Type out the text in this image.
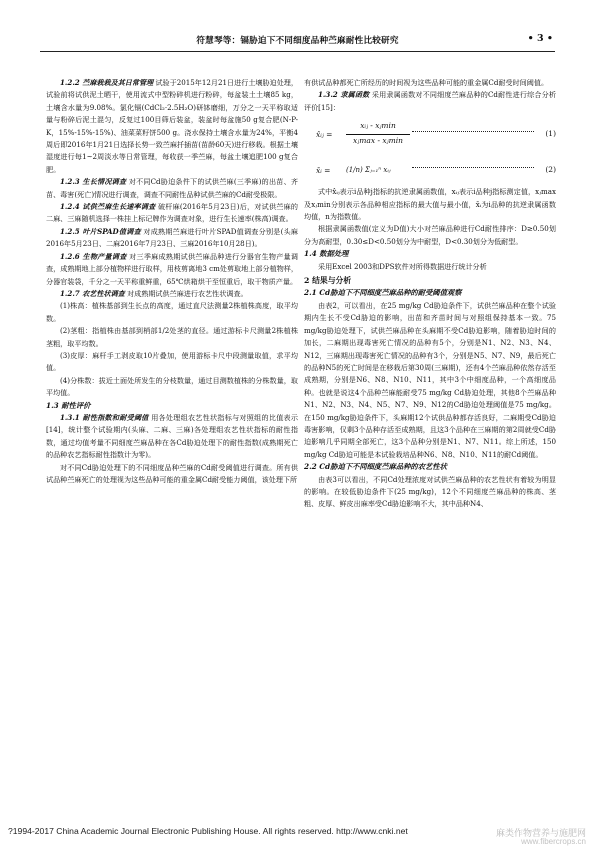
符慧琴等：镉胁迫下不同细度品种苎麻耐性比较研究	• 3 •

1.2.2 苎麻栽栽及其日常管理 试验于2015年12月21日进行土壤胁迫处理，试验前将试供泥土晒干，使用流式中型粉碎机进行粉碎，每盆装土土壤85 kg，土壤含水量为9.08%。氯化镉(CdCl₂·2.5H₂O)研钵磨细，万分之一天平称取适量与粉碎后泥土混匀，反复过100目筛后装盆，装盆时每盆施50 g复合肥(N-P-K，15%-15%-15%)、油菜菜籽饼500 g。浇水保持土壤含水量为24%，平衡4周后即2016年1月21日选择长势一致苎麻扦插苗(苗龄60天)进行移栽。根据土壤湿度进行每1~2周淡水等日常管理，每收获一季苎麻，每盆土壤追肥100 g复合肥。

1.2.3 生长情况调查 对不同Cd胁迫条件下的试供苎麻(三季麻)的出苗、齐苗、毒害(死亡)情况进行调查，调查不同耐性品种试供苎麻的Cd耐受极限。

1.2.4 试供苎麻生长速率调查 破杆麻(2016年5月23日)后，对试供苎麻的二麻、三麻随机选择一株挂上标记牌作为调查对象，进行生长速率(株高)调查。

1.2.5 叶片SPAD值调查 对成熟期苎麻进行叶片SPAD值调查分别是(头麻2016年5月23日、二麻2016年7月23日、三麻2016年10月28日)。

1.2.6 生物产量调查 对三季麻成熟期试供苎麻品种进行分器官生物产量调查，成熟期地上部分植物样进行取样，用枝剪离地3 cm处剪取地上部分植物样，分器官装袋，千分之一天平称重鲜重，65℃烘箱烘干至恒重后，取干物质产量。

1.2.7 农艺性状调查 对成熟期试供苎麻进行农艺性状调查。

(1)株高：植株基部到生长点的高度，通过直尺法测量2株植株高度，取平均数。

(2)茎粗：指植株由基部到梢部1/2处茎的直径。通过游标卡尺测量2株植株茎粗，取平均数。

(3)皮厚：麻杆手工剥皮取10片叠加，使用游标卡尺中段测量取值，求平均值。

(4)分株数：拔近土面处所发生的分枝数量，通过目测数植株的分株数量，取平均值。

1.3 耐性评价

1.3.1 耐性指数和耐受阈值 用各处理组农艺性状指标与对照组的比值表示[14]，统计整个试验期内(头麻、二麻、三麻)各处理组农艺性状指标的耐性指数，通过均值考量不同细度苎麻品种在各Cd胁迫处理下的耐性指数(成熟期死亡的品种农艺指标耐性指数计为零)。

对不同Cd胁迫处理下的不同细度品种苎麻的Cd耐受阈值进行调查。所有供试品种苎麻死亡的处理视为这些品种可能的重金属Cd耐受能力阈值，该处理下所

有供试品种都死亡所经历的时间视为这些品种可能的重金属Cd耐受时间阈值。

1.3.2 隶属函数 采用隶属函数对不同细度苎麻品种的Cd耐性进行综合分析评价[15]：

x̂ᵢⱼ =
xᵢⱼ - xⱼmin
xⱼmax - xⱼmin
(1)
x̄ᵢ = (1/n) Σⱼ₌₁ⁿ xᵢⱼ	(2)

式中x̂ᵢⱼ表示i品种j指标的抗逆隶属函数值，xᵢⱼ表示i品种j指标测定值，xⱼmax及xⱼmin分别表示各品种相应指标的最大值与最小值，x̄ᵢ为i品种的抗逆隶属函数均值，n为指数值。

根据隶属函数值(定义为D值)大小对苎麻品种进行Cd耐性排序：D≥0.50划分为高耐型，0.30≤D<0.50划分为中耐型，D<0.30划分为低耐型。

1.4 数据处理

采用Excel 2003和DPS软件对所得数据进行统计分析

2 结果与分析
2.1 Cd胁迫下不同细度苎麻品种的耐受阈值观察

由表2，可以看出，在25 mg/kg Cd胁迫条件下，试供苎麻品种在整个试验期内生长不受Cd胁迫的影响，出苗和齐苗时间与对照组保持基本一致。75 mg/kg胁迫处理下，试供苎麻品种在头麻期不受Cd胁迫影响，随着胁迫时间的加长，二麻期出现毒害死亡情况的品种有5个，分别是N1、N2、N3、N4、N12，三麻期出现毒害死亡情况的品种有3个，分别是N5、N7、N9，最后死亡的品种N5的死亡时间是在移栽后第30周(三麻期)，还有4个苎麻品种依然存活至成熟期，分别是N6、N8、N10、N11，其中3个中细度品种，一个高细度品种。也就是说这4个品种苎麻能耐受75 mg/kg Cd胁迫处理，其他8个苎麻品种N1、N2、N3、N4、N5、N7、N9、N12的Cd胁迫处理阈值是75 mg/kg。在150 mg/kg胁迫条件下，头麻期12个试供品种都存活良好，二麻期受Cd胁迫毒害影响，仅剩3个品种存活至成熟期，且这3个品种在三麻期的第2周就受Cd胁迫影响几乎同期全部死亡，这3个品种分别是N1、N7、N11。综上所述，150 mg/kg Cd胁迫可能是本试验栽培品种N6、N8、N10、N11的耐Cd阈值。

2.2 Cd胁迫下不同细度苎麻品种的农艺性状

由表3可以看出，不同Cd处理浓度对试供苎麻品种的农艺性状有着较为明显的影响。在较低胁迫条件下(25 mg/kg)，12个不同细度苎麻品种的株高、茎粗、皮厚、鲜皮出麻率受Cd胁迫影响不大，其中品种N4、

?1994-2017 China Academic Journal Electronic Publishing House. All rights reserved. http://www.cnki.net	麻类作物营养与施肥网
www.fibercrops.cn
